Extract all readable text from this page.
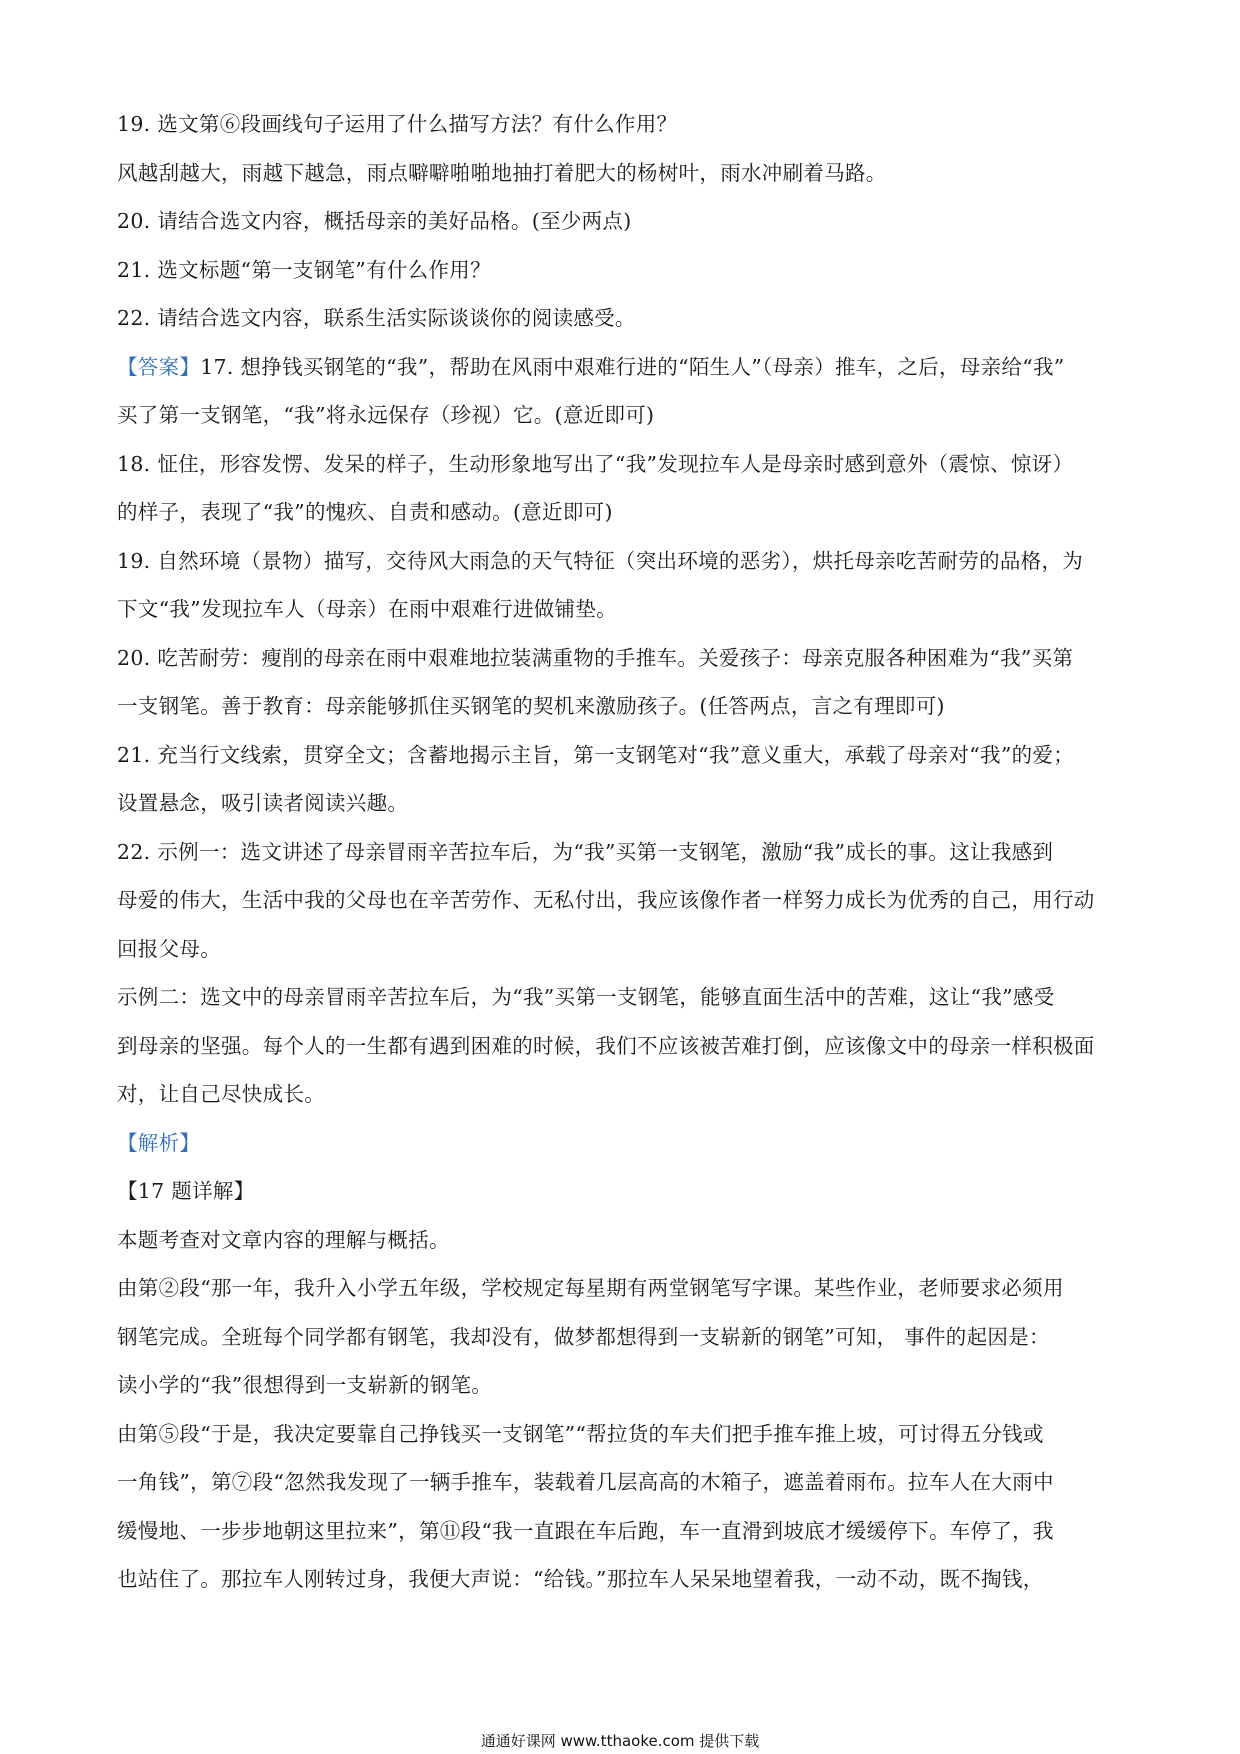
19. 选文第⑥段画线句子运用了什么描写方法？有什么作用？
风越刮越大，雨越下越急，雨点噼噼啪啪地抽打着肥大的杨树叶，雨水冲刷着马路。
20. 请结合选文内容，概括母亲的美好品格。(至少两点)
21. 选文标题“第一支钢笔”有什么作用？
22. 请结合选文内容，联系生活实际谈谈你的阅读感受。
【答案】17. 想挣钱买钢笔的“我”，帮助在风雨中艰难行进的“陌生人”（母亲）推车，之后，母亲给“我”
买了第一支钢笔，“我”将永远保存（珍视）它。(意近即可)
18. 怔住，形容发愣、发呆的样子，生动形象地写出了“我”发现拉车人是母亲时感到意外（震惊、惊讶）
的样子，表现了“我”的愧疚、自责和感动。(意近即可)
19. 自然环境（景物）描写，交待风大雨急的天气特征（突出环境的恶劣），烘托母亲吃苦耐劳的品格，为
下文“我”发现拉车人（母亲）在雨中艰难行进做铺垫。
20. 吃苦耐劳：瘦削的母亲在雨中艰难地拉装满重物的手推车。关爱孩子：母亲克服各种困难为“我”买第
一支钢笔。善于教育：母亲能够抓住买钢笔的契机来激励孩子。(任答两点，言之有理即可)
21. 充当行文线索，贯穿全文；含蓄地揭示主旨，第一支钢笔对“我”意义重大，承载了母亲对“我”的爱；
设置悬念，吸引读者阅读兴趣。
22. 示例一：选文讲述了母亲冒雨辛苦拉车后，为“我”买第一支钢笔，激励“我”成长的事。这让我感到
母爱的伟大，生活中我的父母也在辛苦劳作、无私付出，我应该像作者一样努力成长为优秀的自己，用行动
回报父母。
示例二：选文中的母亲冒雨辛苦拉车后，为“我”买第一支钢笔，能够直面生活中的苦难，这让“我”感受
到母亲的坚强。每个人的一生都有遇到困难的时候，我们不应该被苦难打倒，应该像文中的母亲一样积极面
对，让自己尽快成长。
【解析】
【17 题详解】
本题考查对文章内容的理解与概括。
由第②段“那一年，我升入小学五年级，学校规定每星期有两堂钢笔写字课。某些作业，老师要求必须用
钢笔完成。全班每个同学都有钢笔，我却没有，做梦都想得到一支崭新的钢笔”可知， 事件的起因是：
读小学的“我”很想得到一支崭新的钢笔。
由第⑤段“于是，我决定要靠自己挣钱买一支钢笔”“帮拉货的车夫们把手推车推上坡，可讨得五分钱或
一角钱”，第⑦段“忽然我发现了一辆手推车，装载着几层高高的木箱子，遮盖着雨布。拉车人在大雨中
缓慢地、一步步地朝这里拉来”，第⑪段“我一直跟在车后跑，车一直滑到坡底才缓缓停下。车停了，我
也站住了。那拉车人刚转过身，我便大声说：“给钱。”那拉车人呆呆地望着我，一动不动，既不掏钱，
通通好课网 www.tthaoke.com 提供下载
